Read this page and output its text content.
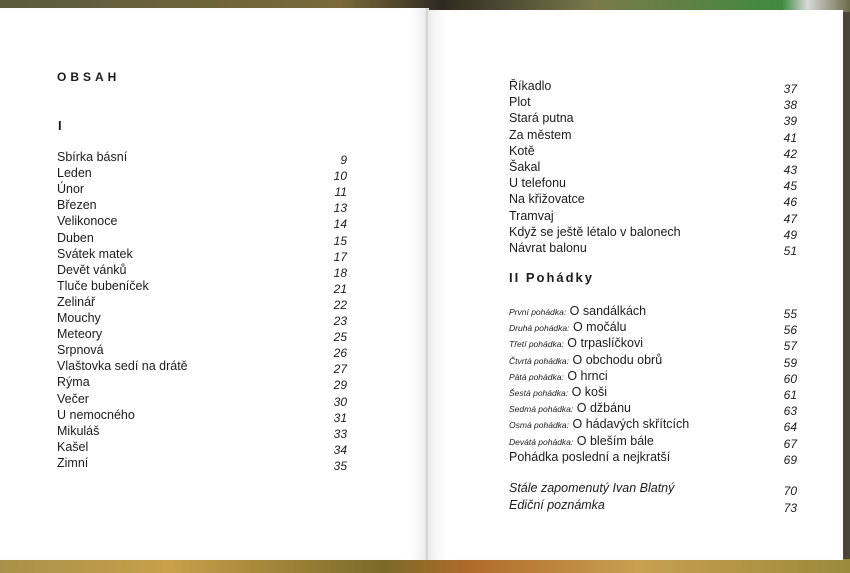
OBSAH
I
Sbírka básní	9
Leden	10
Únor	11
Březen	13
Velikonoce	14
Duben	15
Svátek matek	17
Devět vánků	18
Tluče bubeníček	21
Zelinář	22
Mouchy	23
Meteory	25
Srpnová	26
Vlaštovka sedí na drátě	27
Rýma	29
Večer	30
U nemocného	31
Mikuláš	33
Kašel	34
Zimní	35
Říkadlo	37
Plot	38
Stará putna	39
Za městem	41
Kotě	42
Šakal	43
U telefonu	45
Na křižovatce	46
Tramvaj	47
Když se ještě létalo v balonech	49
Návrat balonu	51
II Pohádky
První pohádka: O sandálkách	55
Druhá pohádka: O močálu	56
Třetí pohádka: O trpaslíčkovi	57
Čtvrtá pohádka: O obchodu obrů	59
Pátá pohádka: O hrnci	60
Šestá pohádka: O koši	61
Sedmá pohádka: O džbánu	63
Osmá pohádka: O hádavých skřítcích	64
Devátá pohádka: O bleším bále	67
Pohádka poslední a nejkratší	69
Stále zapomenutý Ivan Blatný	70
Ediční poznámka	73
